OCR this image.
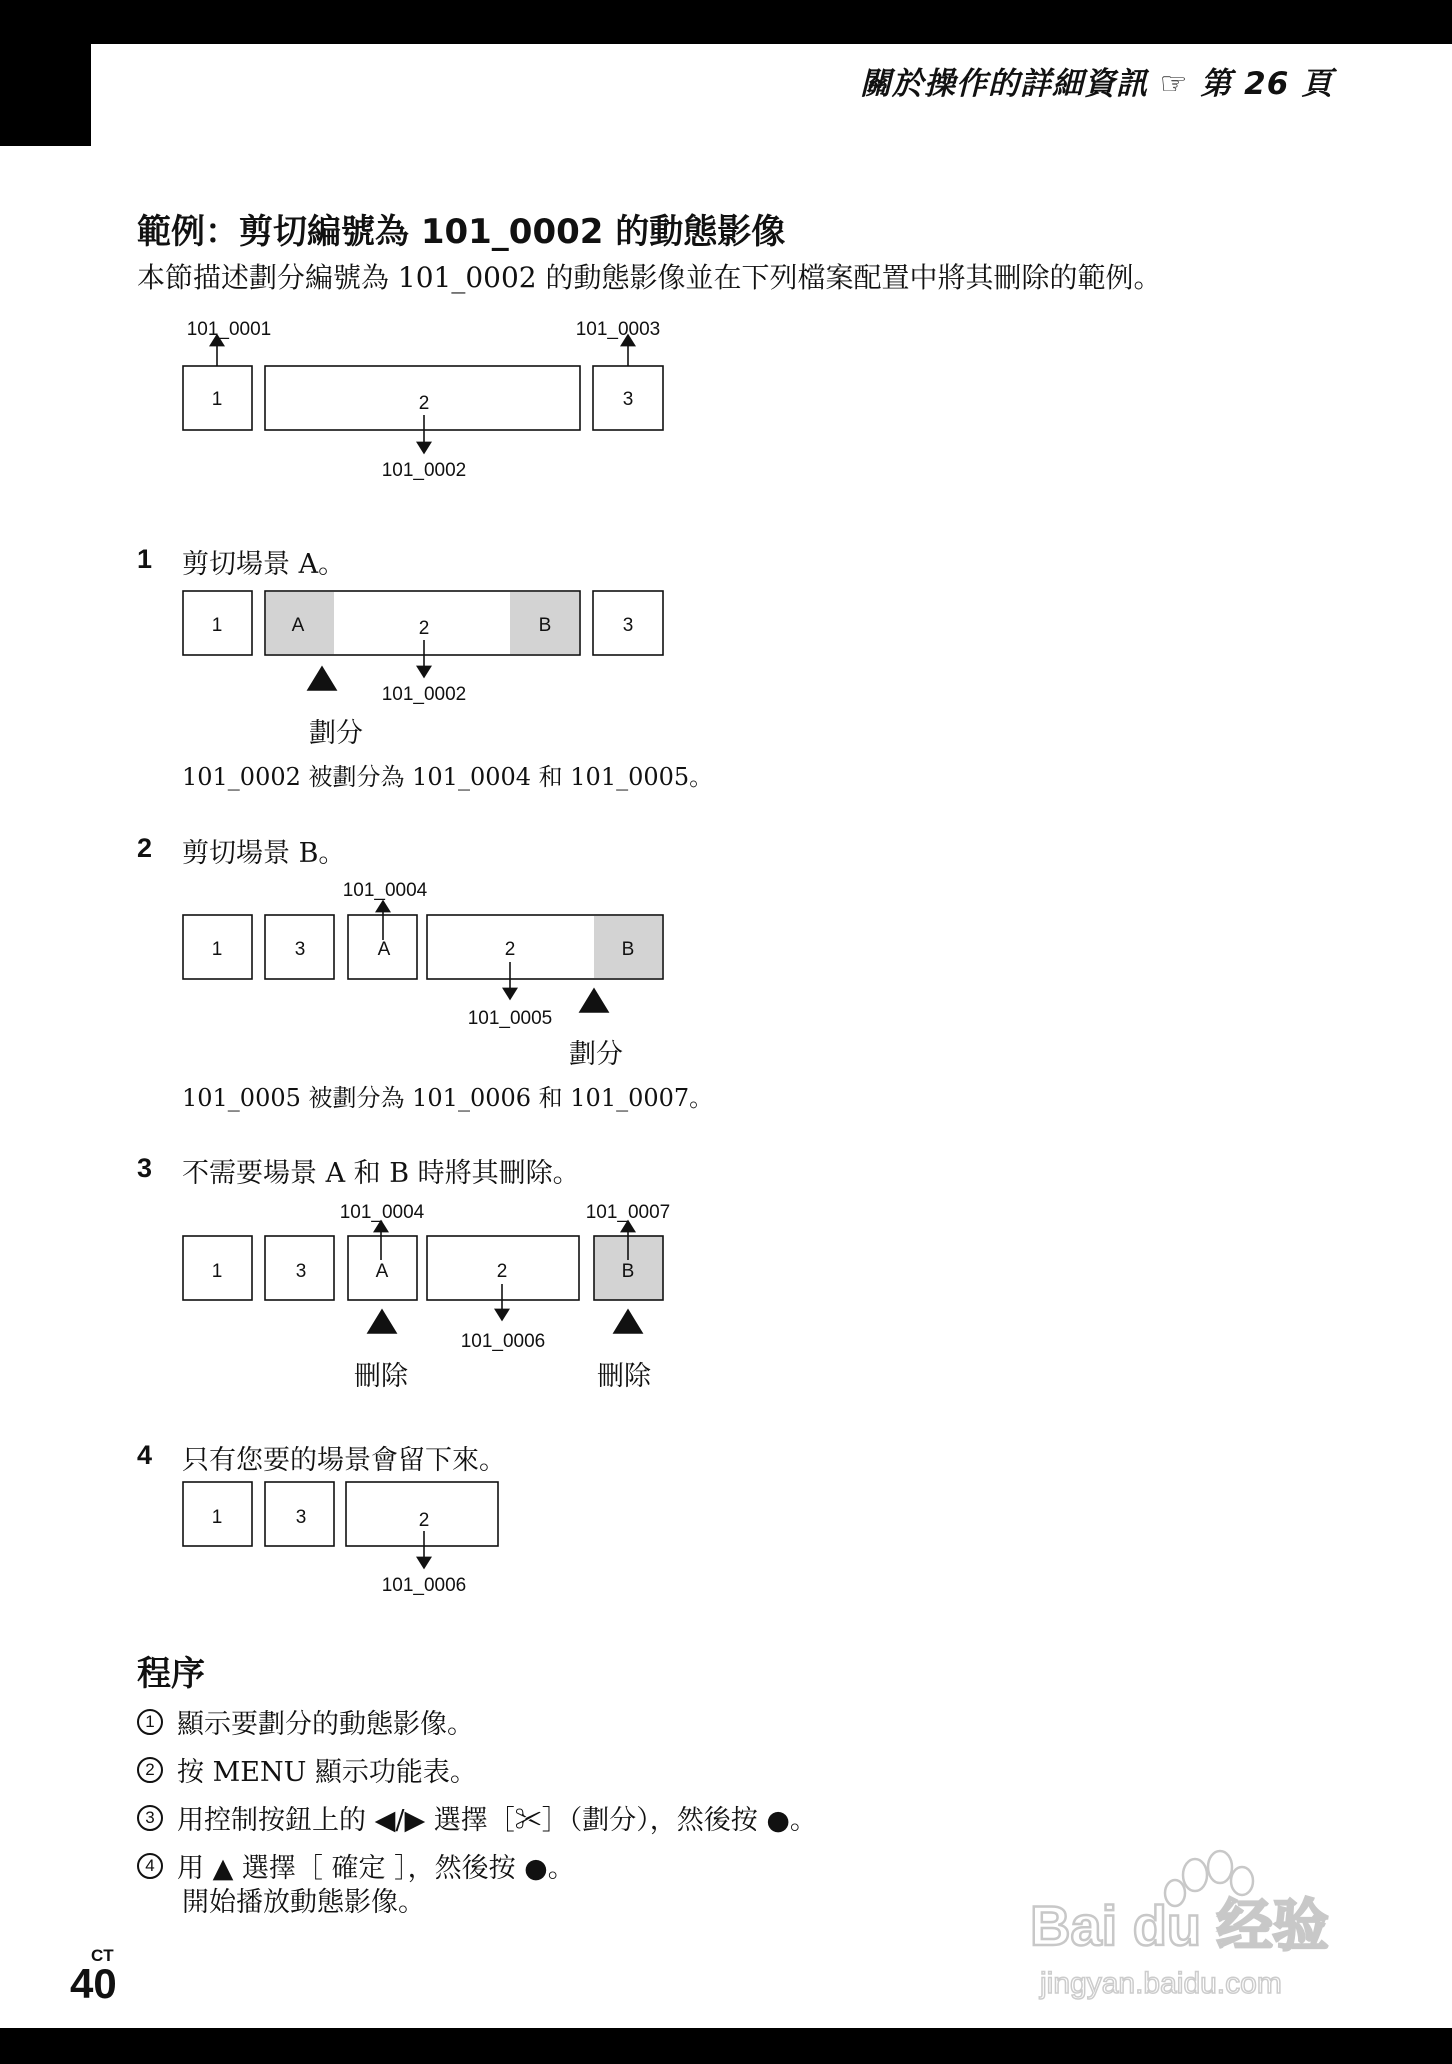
關於操作的詳細資訊 ☞ 第 26 頁
範例：剪切編號為 101_0002 的動態影像
本節描述劃分編號為 101_0002 的動態影像並在下列檔案配置中將其刪除的範例。
1	2	3
101_0001	101_0003
101_0002
1	A	2	B	3
101_0002
劃分
1	3	A	2	B
101_0004
101_0005
劃分
1	3	A	2	B
101_0004	101_0007
101_0006
刪除	刪除
1	3	2
101_0006
1 剪切場景 A。
101_0002 被劃分為 101_0004 和 101_0005。
2 剪切場景 B。
101_0005 被劃分為 101_0006 和 101_0007。
3 不需要場景 A 和 B 時將其刪除。
4 只有您要的場景會留下來。
程序
1 顯示要劃分的動態影像。
2 按 MENU 顯示功能表。
3 用控制按鈕上的 ◀/▶ 選擇［✂］（劃分），然後按 ●。
4 用 ▲ 選擇［ 確定 ］，然後按 ●。
開始播放動態影像。
CT
40
Bai du 经验
jingyan.baidu.com
